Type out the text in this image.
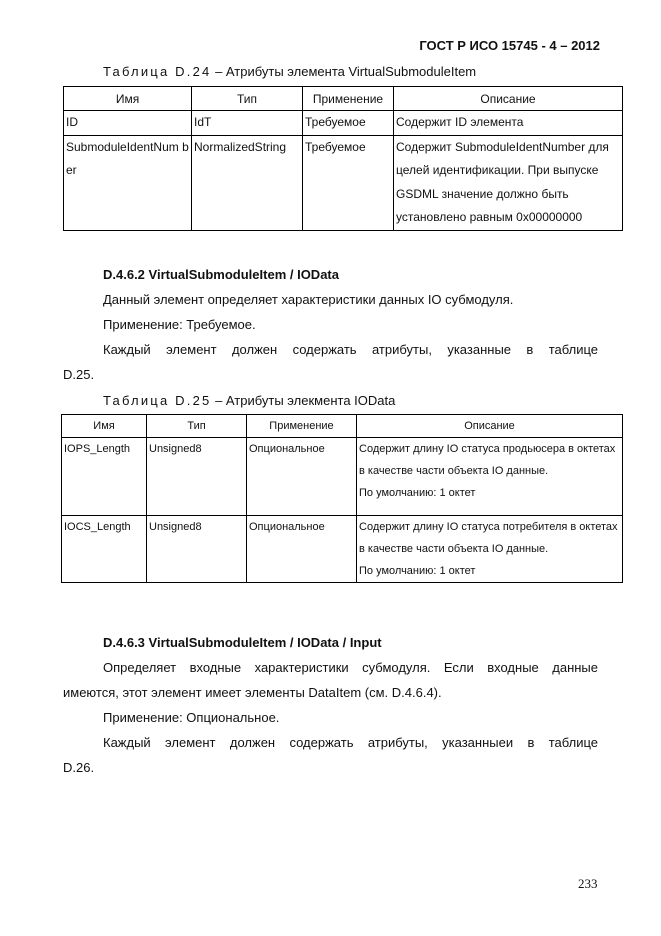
ГОСТ Р ИСО 15745 - 4 – 2012
Таблица D.24 – Атрибуты элемента VirtualSubmoduleItem
Имя	Тип	Применение	Описание
ID	IdT	Требуемое	Содержит ID элемента
SubmoduleIdentNum ber	NormalizedString	Требуемое	Содержит SubmoduleIdentNumber для целей идентификации. При выпуске GSDML значение должно быть установлено равным 0x00000000
D.4.6.2 VirtualSubmoduleItem / IOData
Данный элемент определяет характеристики данных IO субмодуля.
Применение: Требуемое.
Каждый элемент должен содержать атрибуты, указанные в таблице
D.25.
Таблица D.25 – Атрибуты элекмента IOData
Имя	Тип	Применение	Описание
IOPS_Length	Unsigned8	Опциональное	Содержит длину IO статуса продьюсера в октетах в качестве части объекта IO данные.
По умолчанию: 1 октет

IOCS_Length	Unsigned8	Опциональное	Содержит длину IO статуса потребителя в октетах в качестве части объекта IO данные.
По умолчанию: 1 октет
D.4.6.3 VirtualSubmoduleItem / IOData / Input
Определяет входные характеристики субмодуля. Если входные данные
имеются, этот элемент имеет элементы DataItem (см. D.4.6.4).
Применение: Опциональное.
Каждый элемент должен содержать атрибуты, указанныеи в таблице
D.26.
233
